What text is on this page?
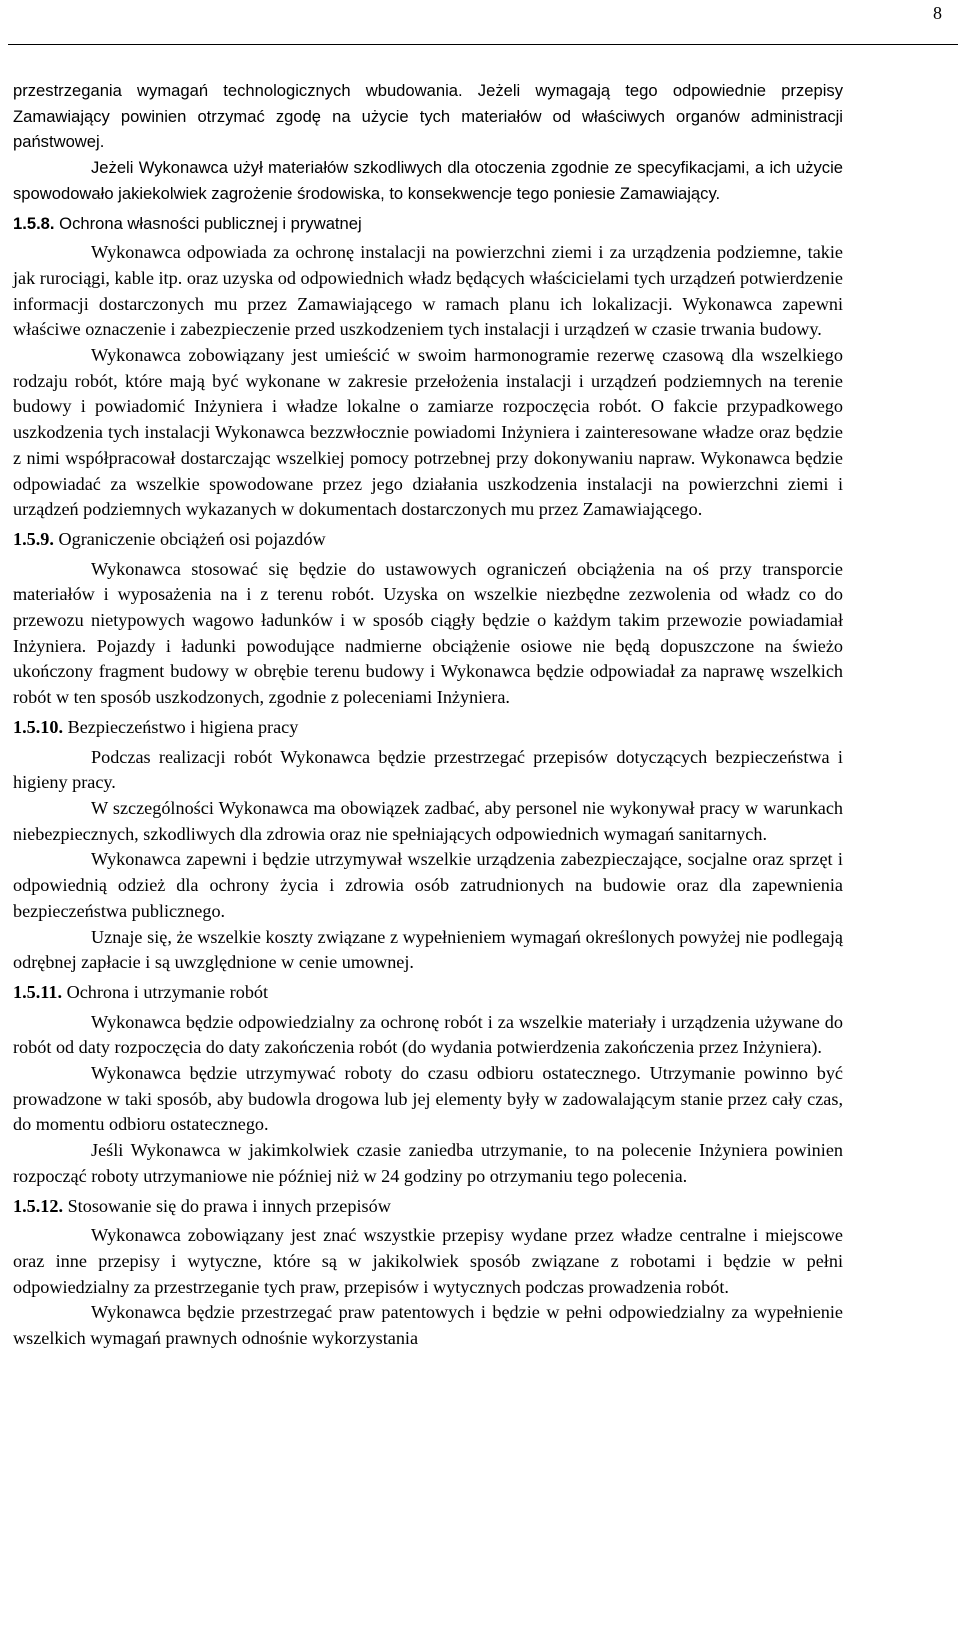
8

przestrzegania wymagań technologicznych wbudowania. Jeżeli wymagają tego odpowiednie przepisy Zamawiający powinien otrzymać zgodę na użycie tych materiałów od właściwych organów administracji państwowej.

Jeżeli Wykonawca użył materiałów szkodliwych dla otoczenia zgodnie ze specyfikacjami, a ich użycie spowodowało jakiekolwiek zagrożenie środowiska, to konsekwencje tego poniesie Zamawiający.

1.5.8. Ochrona własności publicznej i prywatnej

Wykonawca odpowiada za ochronę instalacji na powierzchni ziemi i za urządzenia podziemne, takie jak rurociągi, kable itp. oraz uzyska od odpowiednich władz będących właścicielami tych urządzeń potwierdzenie informacji dostarczonych mu przez Zamawiającego w ramach planu ich lokalizacji. Wykonawca zapewni właściwe oznaczenie i zabezpieczenie przed uszkodzeniem tych instalacji i urządzeń w czasie trwania budowy.

Wykonawca zobowiązany jest umieścić w swoim harmonogramie rezerwę czasową dla wszelkiego rodzaju robót, które mają być wykonane w zakresie przełożenia instalacji i urządzeń podziemnych na terenie budowy i powiadomić Inżyniera i władze lokalne o zamiarze rozpoczęcia robót. O fakcie przypadkowego uszkodzenia tych instalacji Wykonawca bezzwłocznie powiadomi Inżyniera i zainteresowane władze oraz będzie z nimi współpracował dostarczając wszelkiej pomocy potrzebnej przy dokonywaniu napraw. Wykonawca będzie odpowiadać za wszelkie spowodowane przez jego działania uszkodzenia instalacji na powierzchni ziemi i urządzeń podziemnych wykazanych w dokumentach dostarczonych mu przez Zamawiającego.

1.5.9. Ograniczenie obciążeń osi pojazdów

Wykonawca stosować się będzie do ustawowych ograniczeń obciążenia na oś przy transporcie materiałów i wyposażenia na i z terenu robót. Uzyska on wszelkie niezbędne zezwolenia od władz co do przewozu nietypowych wagowo ładunków i w sposób ciągły będzie o każdym takim przewozie powiadamiał Inżyniera. Pojazdy i ładunki powodujące nadmierne obciążenie osiowe nie będą dopuszczone na świeżo ukończony fragment budowy w obrębie terenu budowy i Wykonawca będzie odpowiadał za naprawę wszelkich robót w ten sposób uszkodzonych, zgodnie z poleceniami Inżyniera.

1.5.10. Bezpieczeństwo i higiena pracy

Podczas realizacji robót Wykonawca będzie przestrzegać przepisów dotyczących bezpieczeństwa i higieny pracy.

W szczególności Wykonawca ma obowiązek zadbać, aby personel nie wykonywał pracy w warunkach niebezpiecznych, szkodliwych dla zdrowia oraz nie spełniających odpowiednich wymagań sanitarnych.

Wykonawca zapewni i będzie utrzymywał wszelkie urządzenia zabezpieczające, socjalne oraz sprzęt i odpowiednią odzież dla ochrony życia i zdrowia osób zatrudnionych na budowie oraz dla zapewnienia bezpieczeństwa publicznego.

Uznaje się, że wszelkie koszty związane z wypełnieniem wymagań określonych powyżej nie podlegają odrębnej zapłacie i są uwzględnione w cenie umownej.

1.5.11. Ochrona i utrzymanie robót

Wykonawca będzie odpowiedzialny za ochronę robót i za wszelkie materiały i urządzenia używane do robót od daty rozpoczęcia do daty zakończenia robót (do wydania potwierdzenia zakończenia przez Inżyniera).

Wykonawca będzie utrzymywać roboty do czasu odbioru ostatecznego. Utrzymanie powinno być prowadzone w taki sposób, aby budowla drogowa lub jej elementy były w zadowalającym stanie przez cały czas, do momentu odbioru ostatecznego.

Jeśli Wykonawca w jakimkolwiek czasie zaniedba utrzymanie, to na polecenie Inżyniera powinien rozpocząć roboty utrzymaniowe nie później niż w 24 godziny po otrzymaniu tego polecenia.

1.5.12. Stosowanie się do prawa i innych przepisów

Wykonawca zobowiązany jest znać wszystkie przepisy wydane przez władze centralne i miejscowe oraz inne przepisy i wytyczne, które są w jakikolwiek sposób związane z robotami i będzie w pełni odpowiedzialny za przestrzeganie tych praw, przepisów i wytycznych podczas prowadzenia robót.

Wykonawca będzie przestrzegać praw patentowych i będzie w pełni odpowiedzialny za wypełnienie wszelkich wymagań prawnych odnośnie wykorzystania
